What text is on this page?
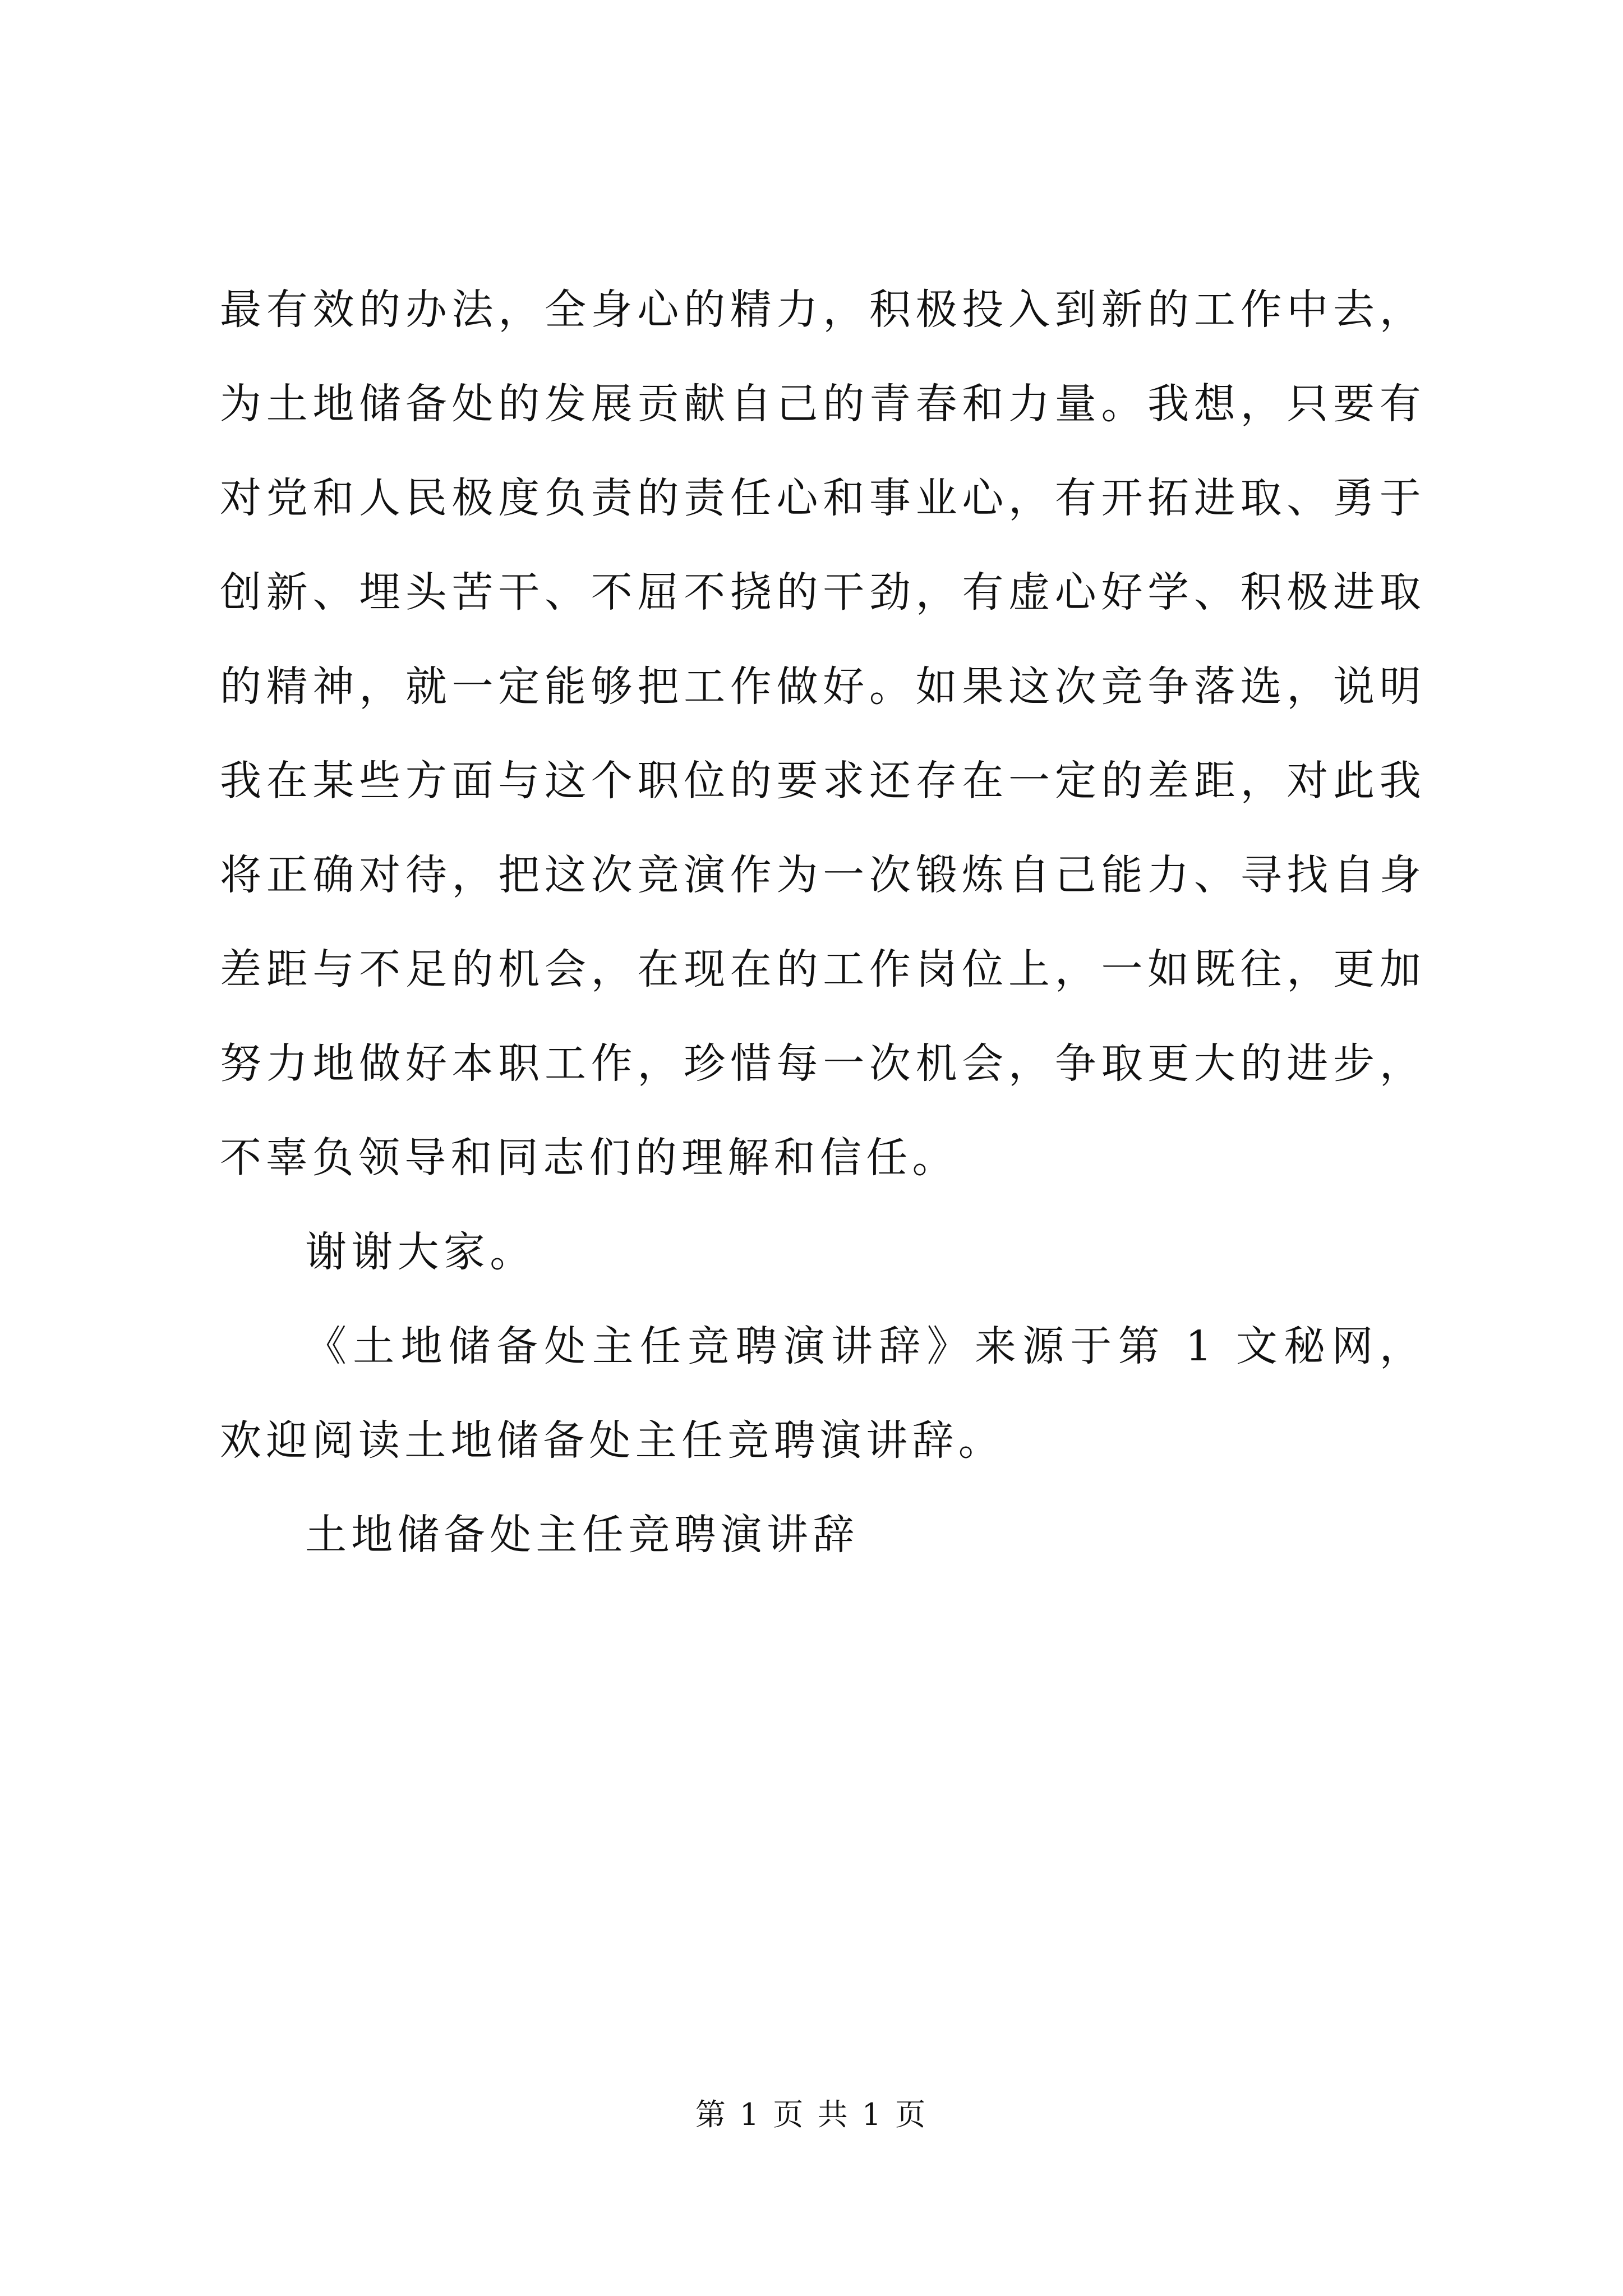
最有效的办法，全身心的精力，积极投入到新的工作中去，为土地储备处的发展贡献自己的青春和力量。我想，只要有对党和人民极度负责的责任心和事业心，有开拓进取、勇于创新、埋头苦干、不屈不挠的干劲，有虚心好学、积极进取的精神，就一定能够把工作做好。如果这次竞争落选，说明我在某些方面与这个职位的要求还存在一定的差距，对此我将正确对待，把这次竞演作为一次锻炼自己能力、寻找自身差距与不足的机会，在现在的工作岗位上，一如既往，更加努力地做好本职工作，珍惜每一次机会，争取更大的进步，不辜负领导和同志们的理解和信任。

谢谢大家。

《土地储备处主任竞聘演讲辞》来源于第 1 文秘网，欢迎阅读土地储备处主任竞聘演讲辞。

土地储备处主任竞聘演讲辞

第 1 页 共 1 页
